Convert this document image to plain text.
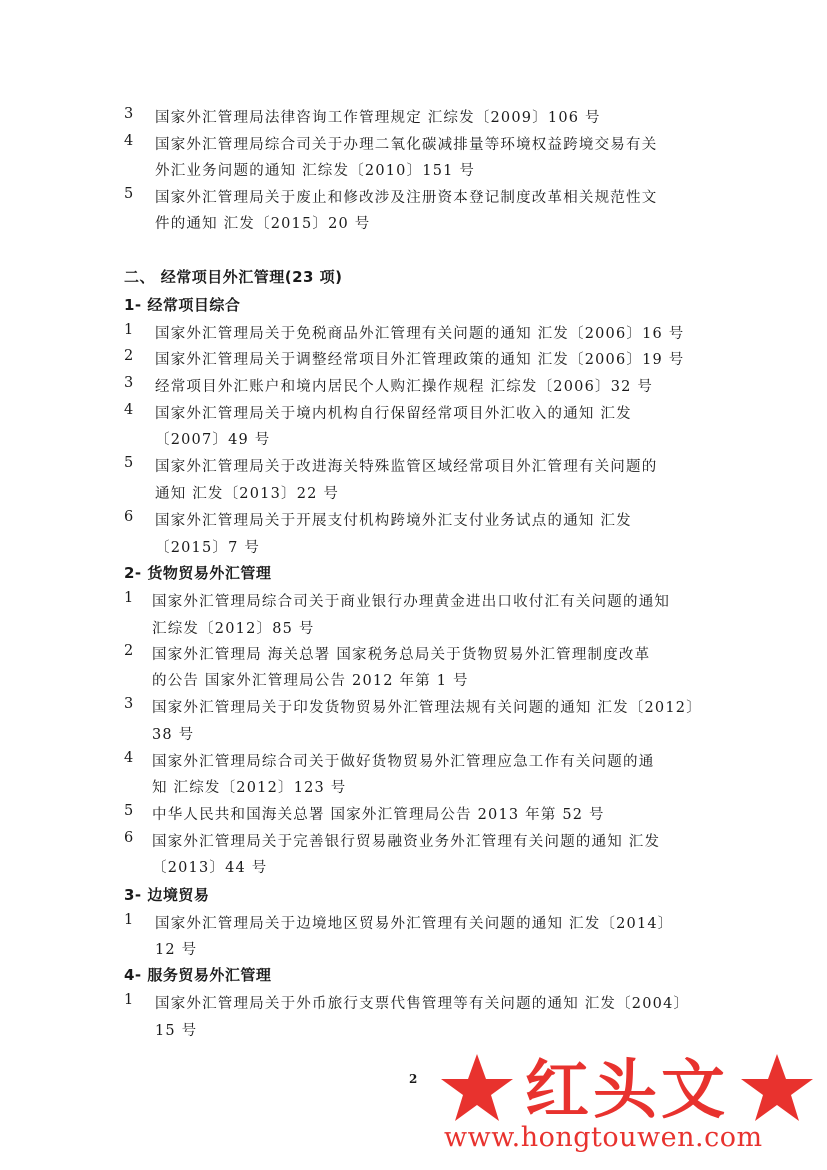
3 国家外汇管理局法律咨询工作管理规定 汇综发〔2009〕106 号
4 国家外汇管理局综合司关于办理二氧化碳减排量等环境权益跨境交易有关
外汇业务问题的通知 汇综发〔2010〕151 号
5 国家外汇管理局关于废止和修改涉及注册资本登记制度改革相关规范性文
件的通知 汇发〔2015〕20 号
二、 经常项目外汇管理(23 项)
1- 经常项目综合
1 国家外汇管理局关于免税商品外汇管理有关问题的通知 汇发〔2006〕16 号
2 国家外汇管理局关于调整经常项目外汇管理政策的通知 汇发〔2006〕19 号
3 经常项目外汇账户和境内居民个人购汇操作规程 汇综发〔2006〕32 号
4 国家外汇管理局关于境内机构自行保留经常项目外汇收入的通知 汇发
〔2007〕49 号
5 国家外汇管理局关于改进海关特殊监管区域经常项目外汇管理有关问题的
通知 汇发〔2013〕22 号
6 国家外汇管理局关于开展支付机构跨境外汇支付业务试点的通知 汇发
〔2015〕7 号
2- 货物贸易外汇管理
1 国家外汇管理局综合司关于商业银行办理黄金进出口收付汇有关问题的通知
汇综发〔2012〕85 号
2 国家外汇管理局 海关总署 国家税务总局关于货物贸易外汇管理制度改革
的公告 国家外汇管理局公告 2012 年第 1 号
3 国家外汇管理局关于印发货物贸易外汇管理法规有关问题的通知 汇发〔2012〕
38 号
4 国家外汇管理局综合司关于做好货物贸易外汇管理应急工作有关问题的通
知 汇综发〔2012〕123 号
5 中华人民共和国海关总署 国家外汇管理局公告 2013 年第 52 号
6 国家外汇管理局关于完善银行贸易融资业务外汇管理有关问题的通知 汇发
〔2013〕44 号
3- 边境贸易
1 国家外汇管理局关于边境地区贸易外汇管理有关问题的通知 汇发〔2014〕
12 号
4- 服务贸易外汇管理
1 国家外汇管理局关于外币旅行支票代售管理等有关问题的通知 汇发〔2004〕
15 号
2 红头文
www.hongtouwen.com
